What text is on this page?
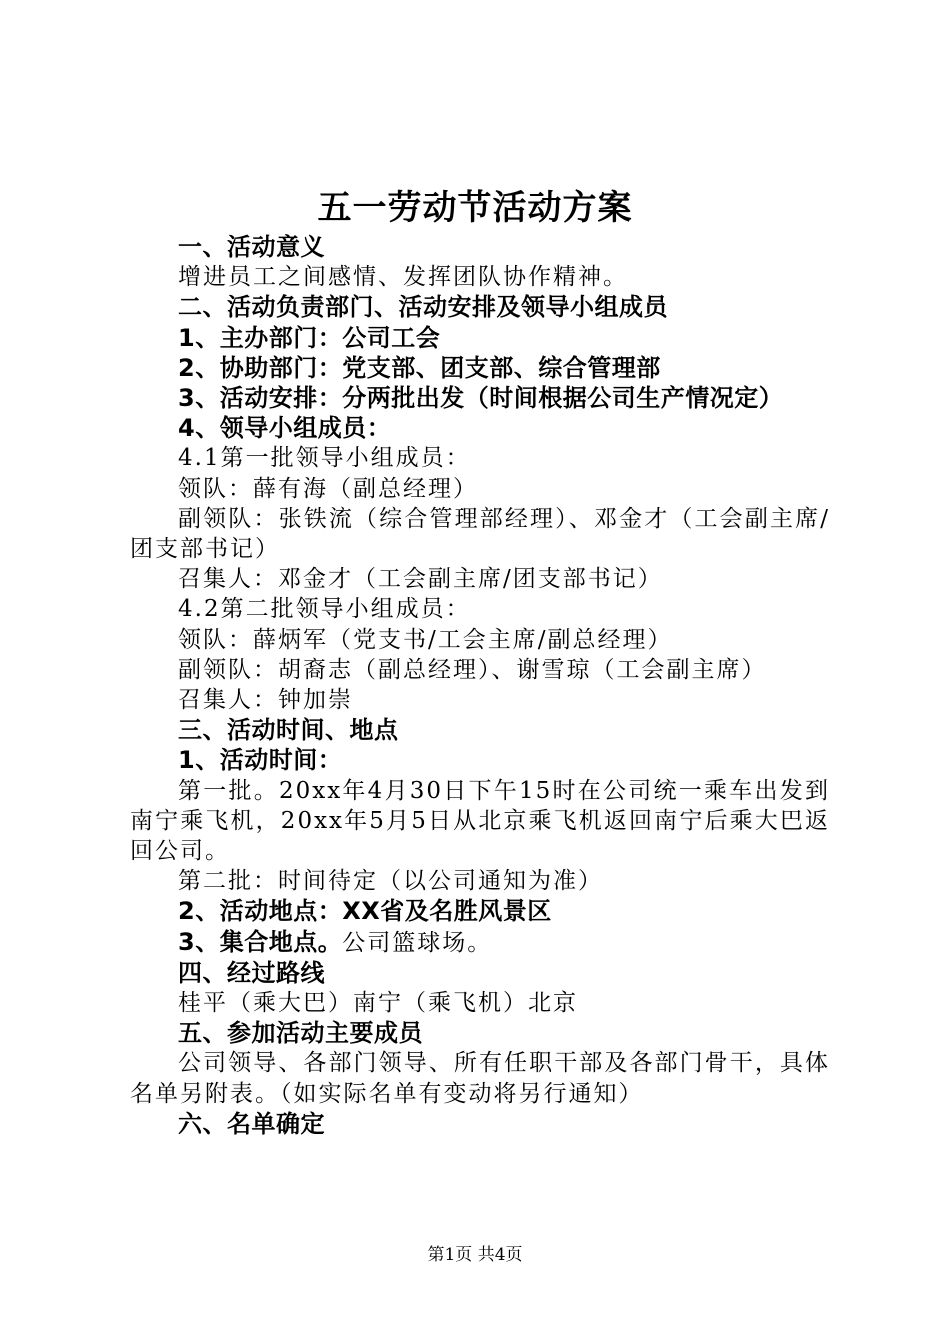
五一劳动节活动方案
一、活动意义
增进员工之间感情、发挥团队协作精神。
二、活动负责部门、活动安排及领导小组成员
1、主办部门：公司工会
2、协助部门：党支部、团支部、综合管理部
3、活动安排：分两批出发（时间根据公司生产情况定）
4、领导小组成员：
4.1第一批领导小组成员：
领队：薛有海（副总经理）
副领队：张铁流（综合管理部经理）、邓金才（工会副主席/团支部书记）
召集人：邓金才（工会副主席/团支部书记）
4.2第二批领导小组成员：
领队：薛炳军（党支书/工会主席/副总经理）
副领队：胡裔志（副总经理）、谢雪琼（工会副主席）
召集人：钟加崇
三、活动时间、地点
1、活动时间：
第一批。20xx年4月30日下午15时在公司统一乘车出发到南宁乘飞机，20xx年5月5日从北京乘飞机返回南宁后乘大巴返回公司。
第二批：时间待定（以公司通知为准）
2、活动地点：XX省及名胜风景区
3、集合地点。公司篮球场。
四、经过路线
桂平（乘大巴）南宁（乘飞机）北京
五、参加活动主要成员
公司领导、各部门领导、所有任职干部及各部门骨干，具体名单另附表。（如实际名单有变动将另行通知）
六、名单确定
第1页 共4页
